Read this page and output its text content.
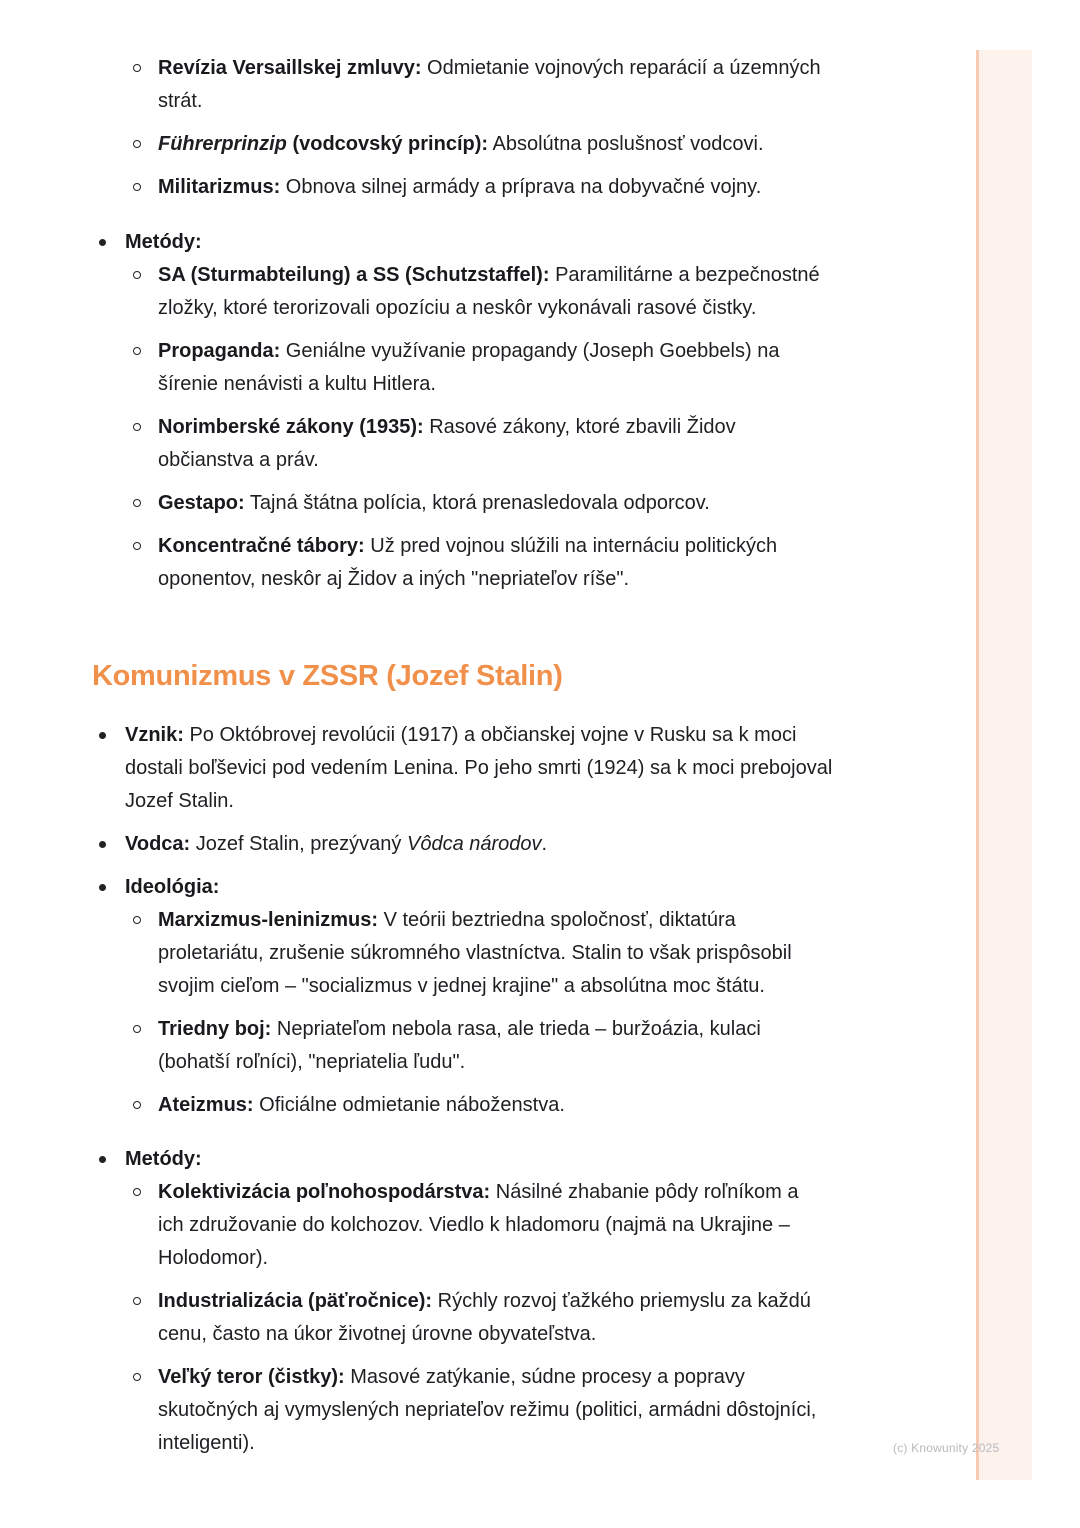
(c) Knowunity 2025
Revízia Versaillskej zmluvy: Odmietanie vojnových reparácií a územných strát.
Führerprinzip (vodcovský princíp): Absolútna poslušnosť vodcovi.
Militarizmus: Obnova silnej armády a príprava na dobyvačné vojny.
Metódy:
SA (Sturmabteilung) a SS (Schutzstaffel): Paramilitárne a bezpečnostné zložky, ktoré terorizovali opozíciu a neskôr vykonávali rasové čistky.
Propaganda: Geniálne využívanie propagandy (Joseph Goebbels) na šírenie nenávisti a kultu Hitlera.
Norimberské zákony (1935): Rasové zákony, ktoré zbavili Židov občianstva a práv.
Gestapo: Tajná štátna polícia, ktorá prenasledovala odporcov.
Koncentračné tábory: Už pred vojnou slúžili na internáciu politických oponentov, neskôr aj Židov a iných "nepriateľov ríše".
Komunizmus v ZSSR (Jozef Stalin)
Vznik: Po Októbrovej revolúcii (1917) a občianskej vojne v Rusku sa k moci dostali boľševici pod vedením Lenina. Po jeho smrti (1924) sa k moci prebojoval Jozef Stalin.
Vodca: Jozef Stalin, prezývaný Vôdca národov.
Ideológia:
Marxizmus-leninizmus: V teórii beztriedna spoločnosť, diktatúra proletariátu, zrušenie súkromného vlastníctva. Stalin to však prispôsobil svojim cieľom – "socializmus v jednej krajine" a absolútna moc štátu.
Triedny boj: Nepriateľom nebola rasa, ale trieda – buržoázia, kulaci (bohatší roľníci), "nepriatelia ľudu".
Ateizmus: Oficiálne odmietanie náboženstva.
Metódy:
Kolektivizácia poľnohospodárstva: Násilné zhabanie pôdy roľníkom a ich združovanie do kolchozov. Viedlo k hladomoru (najmä na Ukrajine – Holodomor).
Industrializácia (päťročnice): Rýchly rozvoj ťažkého priemyslu za každú cenu, často na úkor životnej úrovne obyvateľstva.
Veľký teror (čistky): Masové zatýkanie, súdne procesy a popravy skutočných aj vymyslených nepriateľov režimu (politici, armádni dôstojníci, inteligenti).
